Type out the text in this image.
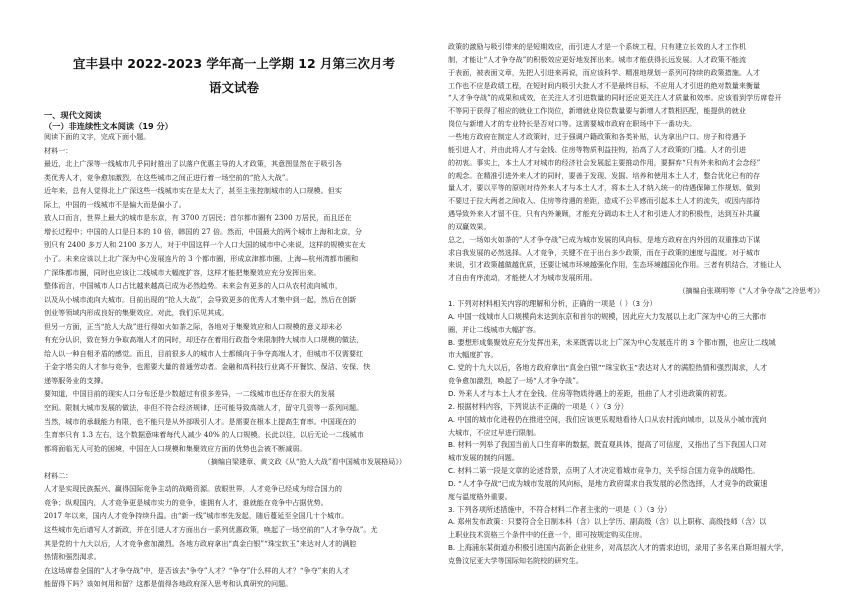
宜丰县中 2022-2023 学年高一上学期 12 月第三次月考
语文试卷
一、现代文阅读
（一）非连续性文本阅读（19 分）
阅读下面的文字，完成下面小题。
材料一：
最近，北上广深等一线城市几乎同时推出了以落户优惠主导的人才政策，其意图显然在于吸引各
类优秀人才，竞争愈加激烈，在这些城市之间正进行着一场空前的“抢人大战”。
近年来，总有人觉得北上广深这些一线城市实在是太大了，甚至主张控制城市的人口规模。但实
际上，中国的一线城市不是偏大而是偏小了。
放人口而言，世界上最大的城市是东京，有 3700 万居民；首尔都市圈有 2300 万居民，而且还在
增长过程中；中国的人口是日本的 10 倍，韩国的 27 倍。然而，中国最大的两个城市上海和北京，分
别只有 2400 多万人和 2100 多万人，对于中国这样一个人口大国的城市中心来说，这样的规模实在太
小了。未来应该以上北广深为中心发展连片的 3 个都市圈，形成京津都市圈、上海—杭州湾都市圈和
广深珠都市圈，同时也应该让二线城市大幅度扩容，这样才能把集聚效应充分发挥出来。
整体而言，中国城市人口占比越来越高已成为必然趋势。未来会有更多的人口从农村流向城市，
以及从小城市流向大城市。目前出现的“抢人大战”，会导致更多的优秀人才集中到一起，然后在创新
创业等领域内形成良好的集聚效应。对此，我们乐见其成。
但另一方面，正当“抢人大战”进行得如火如荼之际，各地对于集聚效应和人口规模的意义却未必
有充分认识，致在努力争取高端人才的同时，却还存在着用行政指令来限制特大城市人口规模的做法，
给人以一种自相矛盾的感觉。而且，目前很多人的城市人士都倾向于争夺高端人才，但城市不仅需要红
于金字塔尖的人才参与竞争，也需要大量的普通劳动者。金融和高科技行业离不开餐饮、保洁、安保、快
递等服务业的支撑。
要知道，中国目前的现实人口分布还是少数超过有很多差异，一二线城市也还存在很大的发展
空间。限制大城市发展的做法，非但不符合经济规律，还可能导致高端人才，留守几资等一系列问题。
当然，城市的承载能力有限，也不能只是从外部吸引人才。是需要在根本上提高生育率。中国现在的
生育率只有 1.3 左右，这个数据意味着每代人减少 40% 的人口规模。长此以往，以后无论一二线城市
都将面临无人可抢的困境，中国在人口规模和集聚效应方面的优势也会被不断减弱。
（摘编自梁建章、黄文政《从“抢人大战”看中国城市发展格局》）
材料二：
人才是实现民族振兴、赢得国际竞争主动的战略资源。放眼世界，人才竞争已经成为综合国力的
竞争；纵观国内，人才竞争更是城市实力的竞争，谁拥有人才，谁就能在竞争中占据优势。
2017 年以来，国内人才竞争持续升温。由“新一线”城市率先发起，随后蔓延至全国几十个城市。
这些城市先后谱写人才新政，并在引进人才方面出台一系列优惠政策，唤起了一场空前的“人才争夺战”。尤
其是党的十九大以后，人才竞争愈加激烈。各地方政府拿出“真金白银”“珠宝软玉”来达对人才的满腔
热情和强烈渴求。
在这场席卷全国的“人才争夺战”中，是否该去“争夺”人才？“争夺”什么样的人才？“争夺”来的人才
能留得下吗？该如何用和留？这都是值得各地政府深入思考和认真研究的问题。
政策的激励与吸引带来的是短期效应，而引进人才是一个系统工程，只有建立长效的人才工作机
制，才能让“人才争夺战”的积极效应更好地发挥出来。城市才能获得长远发展。人才政策不能流
于表面，被表面文章，先把人引进来再说，而应该科学、精准地规划一系列可持续的政策措施。人才
工作也不应是政绩工程，在短时间内吸引大批人才不是最终目标，不应用人才引进的绝对数量来衡量
“人才争夺战”的成果和成效，在关注人才引进数量的同时还应更关注人才质量和效率。应该看到学历席卷开
不等同于获得了相应的就业工作岗位，新增就业岗位数量要与新增人才数相匹配，能提供的就业
岗位与新增人才的专业特长是否对口等。这需要城市政府在职场中下一番功夫。
一些地方政府在制定人才政策时，过于强调户籍政策和各类补贴，认为拿出户口、房子和待遇予
能引进人才，并由此将人才与金钱、住房等物质利益挂钩，抬高了人才政策的门槛。人才的引进
的初衷。事实上，本土人才对城市的经济社会发展起主要推动作用，要摒弃“只有外来和尚才会念经”
的观念。在精准引进外来人才的同时，要善于发现、发掘、培养和使用本土人才，整合优化已有的存
量人才，要以平等的原则对待外来人才与本土人才，将本土人才纳入统一的待遇保障工作规划、做到
不要过于拉大两者之间收入、住房等待遇的差距，造成不公平感而引起本土人才的流失，或因内部待
遇导致外来人才留不住，只有内外兼顾，才能充分调动本土人才和引进人才的积极性，达到互补共赢
的双赢效果。
总之，一场如火如荼的“人才争夺战”已成为城市发展的风向标，是地方政府在内外因的双重推动下谋
求自我发展的必然选择。人才竞争，关键不在于出台多少政策，而在于政策的速度与温度。对于城市
来说，引才政策越做越优质，还要让城市环境越强化作用，生态环境越国化作用。三者有机结合，才能让人
才自由有序流动，才能使人才为城市发展所用。
（摘编自张瑛明等《“人才争夺战”之冷思考》）
1. 下列对材料相关内容的理解和分析，正确的一项是（ ）（3 分）
A. 中国一线城市人口规模尚未达到东京和首尔的规模，因此应大力发展以上北广深为中心的三大都市
圈，并让二线城市大幅扩容。
B. 要想形成集聚效应充分发挥出来，未来既需以北上广深为中心发展连片的 3 个都市圈，也应让二线城
市大幅度扩容。
C. 党的十九大以后，各地方政府拿出“真金白银”“珠宝软玉”表达对人才的满腔热情和强烈渴求，人才
竞争愈加激烈，唤起了一场“人才争夺战”。
D. 外来人才与本土人才在金钱、住房等物质待遇上的差距，扭曲了人才引进政策的初衷。
2. 根据材料内容，下列说法不正确的一项是（ ）（3 分）
A. 中国的城市化进程仍在推进空间，我们应该更乐观地看待人口从农村流向城市，以及从小城市流向
大城市，不应过早进行限制。
B. 材料一列举了我国当前人口生育率的数据，既直观具体，提高了可信度，又指出了当下我国人口对
城市发展的制约问题。
C. 材料二第一段是文章的论述背景，点明了人才决定着城市竞争力，关乎综合国力竞争的战略性。
D. “人才争夺战”已成为城市发展的风向标，是地方政府谋求自我发展的必然选择，人才竞争的政策速
度与温度格外重要。
3. 下列各项所述措施中，不符合材料二作者主张的一项是（ ）（3 分）
A. 郑州发布政策：只要符合全日制本科（含）以上学历、副高级（含）以上职称、高级技师（含）以
上职业技术资格三个条件中的任意一个，即可按规定购买住房。
B. 上海浦东某街道办积极引进国内高新企业驻乡，对高层次人才的需求迫切，录用了多名来自斯坦福大学，
克鲁汶尼亚大学等国际知名院校的研究生。
